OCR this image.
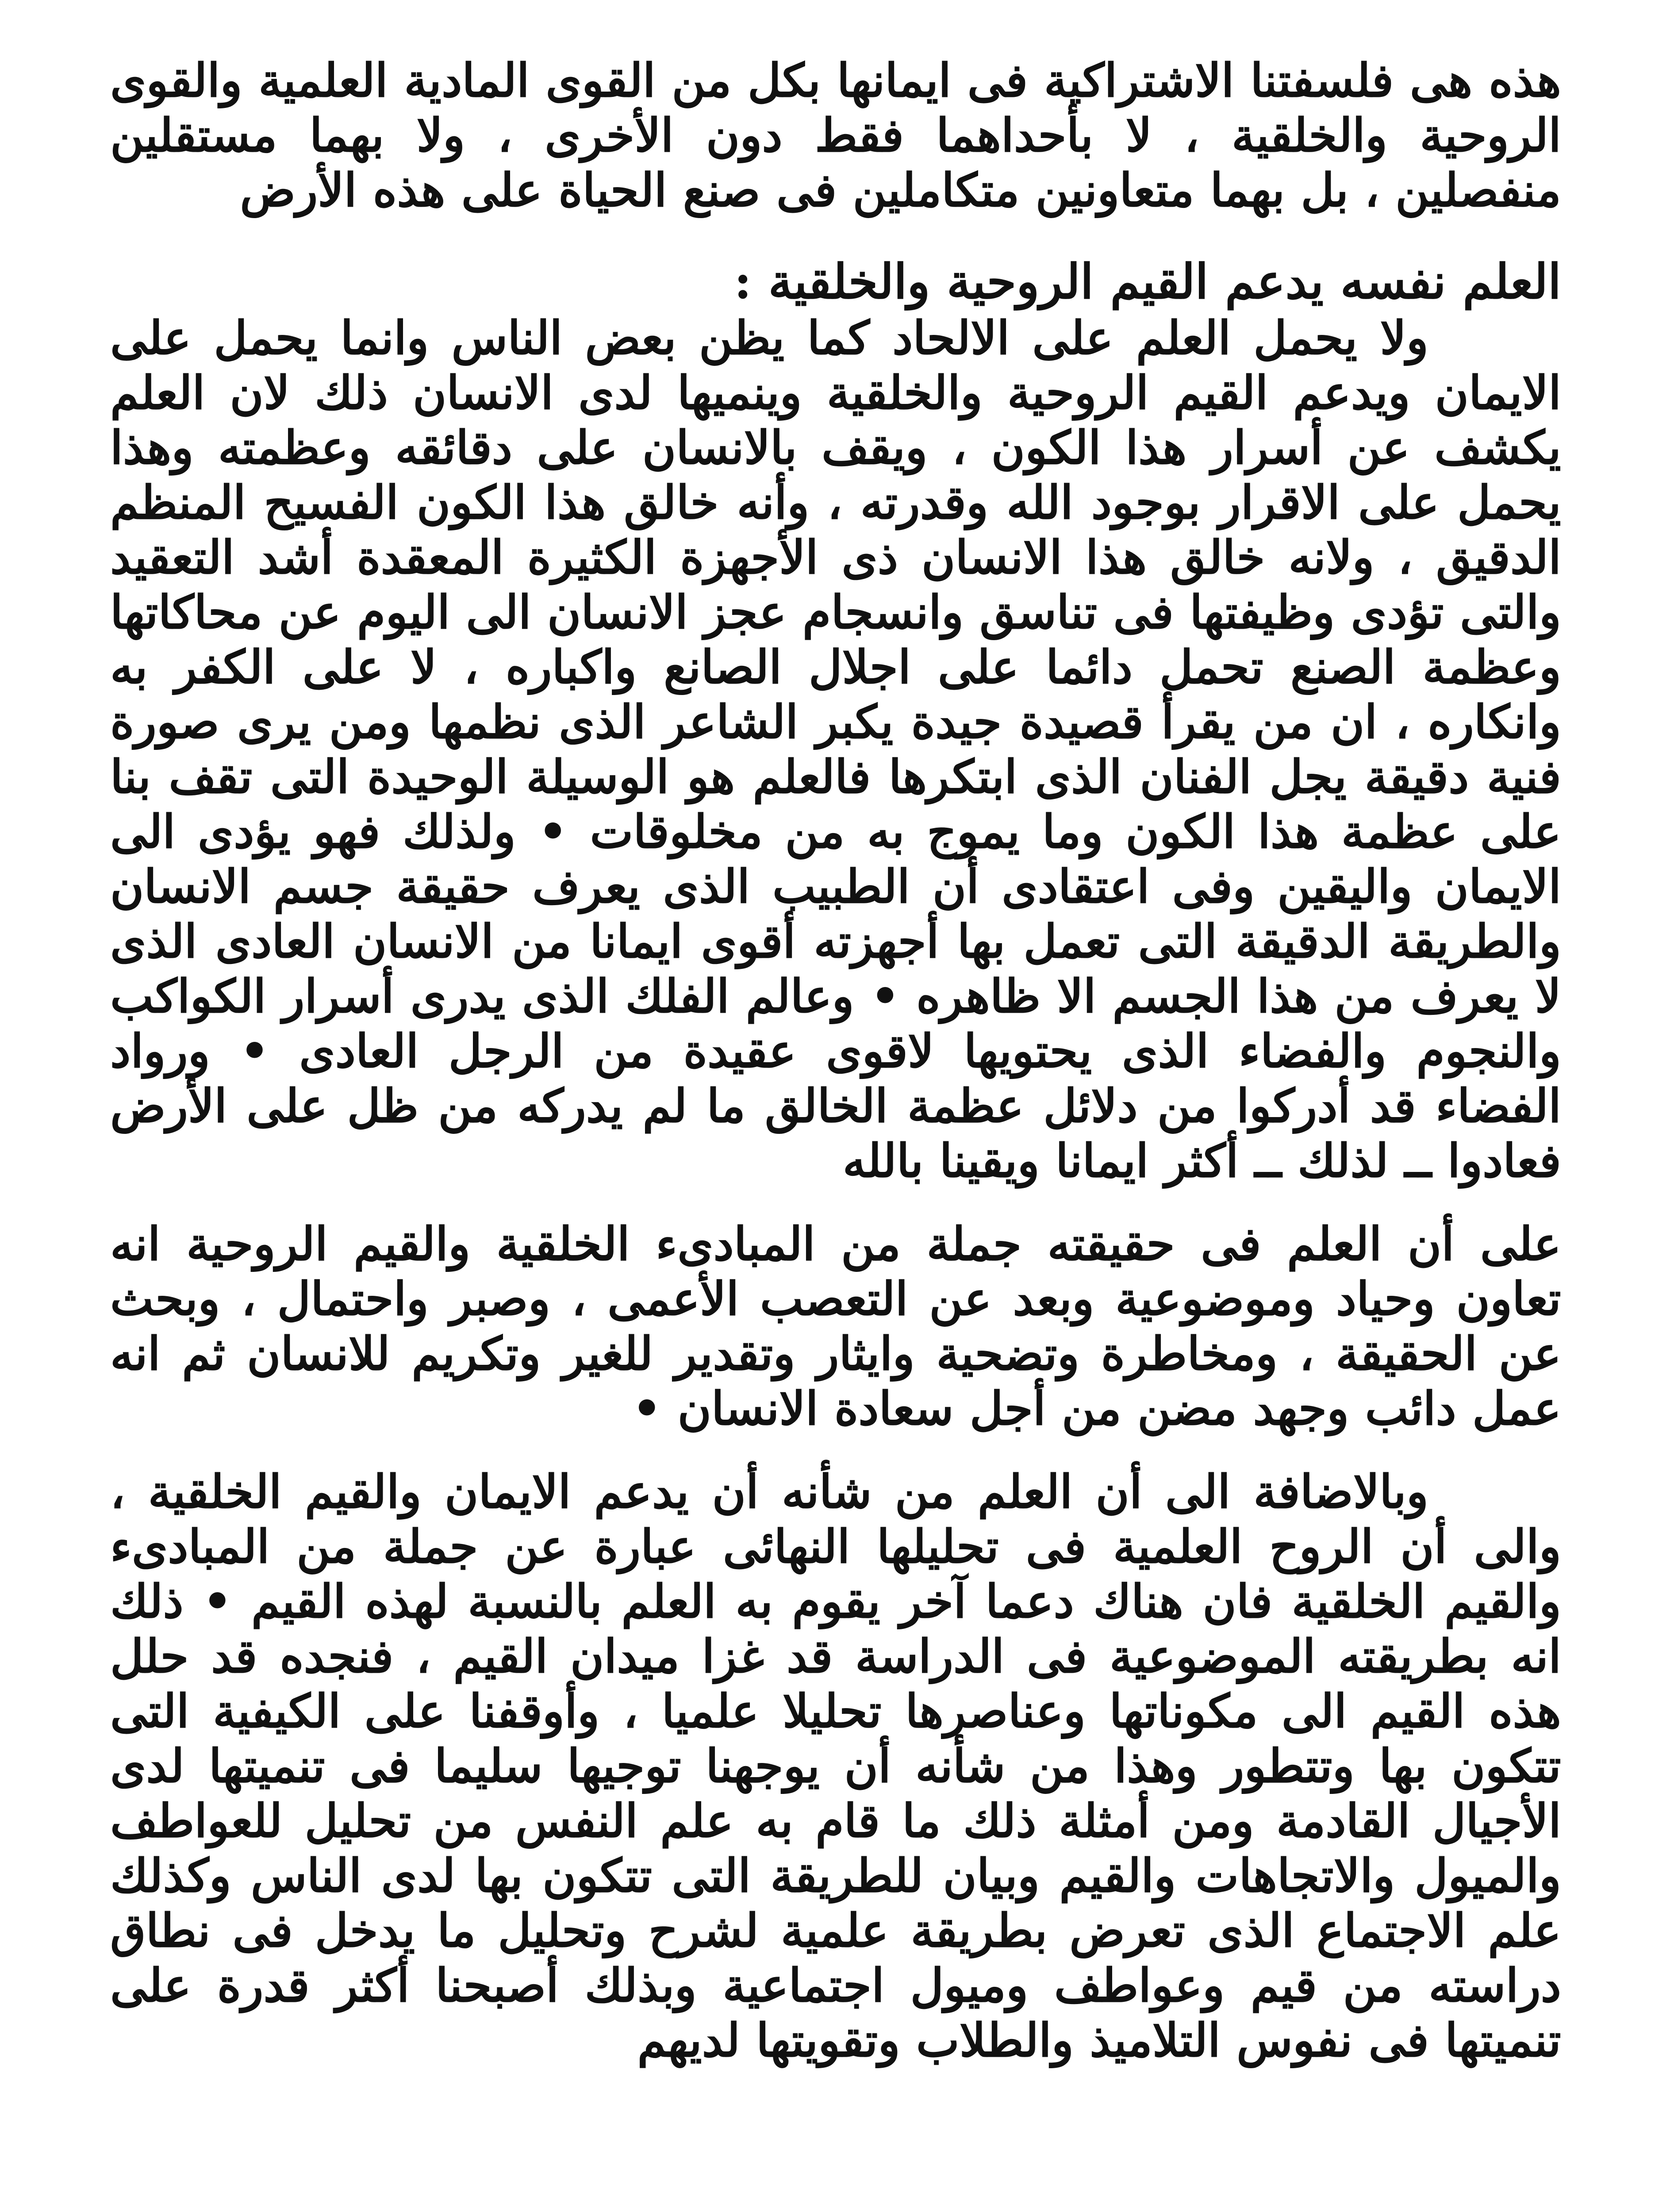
هذه هى فلسفتنا الاشتراكية فى ايمانها بكل من القوى المادية العلمية والقوى الروحية والخلقية ، لا بأحداهما فقط دون الأخرى ، ولا بهما مستقلين منفصلين ، بل بهما متعاونين متكاملين فى صنع الحياة على هذه الأرض

العلم نفسه يدعم القيم الروحية والخلقية :

ولا يحمل العلم على الالحاد كما يظن بعض الناس وانما يحمل على الايمان ويدعم القيم الروحية والخلقية وينميها لدى الانسان ذلك لان العلم يكشف عن أسرار هذا الكون ، ويقف بالانسان على دقائقه وعظمته وهذا يحمل على الاقرار بوجود الله وقدرته ، وأنه خالق هذا الكون الفسيح المنظم الدقيق ، ولانه خالق هذا الانسان ذى الأجهزة الكثيرة المعقدة أشد التعقيد والتى تؤدى وظيفتها فى تناسق وانسجام عجز الانسان الى اليوم عن محاكاتها وعظمة الصنع تحمل دائما على اجلال الصانع واكباره ، لا على الكفر به وانكاره ، ان من يقرأ قصيدة جيدة يكبر الشاعر الذى نظمها ومن يرى صورة فنية دقيقة يجل الفنان الذى ابتكرها فالعلم هو الوسيلة الوحيدة التى تقف بنا على عظمة هذا الكون وما يموج به من مخلوقات • ولذلك فهو يؤدى الى الايمان واليقين وفى اعتقادى أن الطبيب الذى يعرف حقيقة جسم الانسان والطريقة الدقيقة التى تعمل بها أجهزته أقوى ايمانا من الانسان العادى الذى لا يعرف من هذا الجسم الا ظاهره • وعالم الفلك الذى يدرى أسرار الكواكب والنجوم والفضاء الذى يحتويها لاقوى عقيدة من الرجل العادى • ورواد الفضاء قد أدركوا من دلائل عظمة الخالق ما لم يدركه من ظل على الأرض فعادوا ــ لذلك ــ أكثر ايمانا ويقينا بالله

على أن العلم فى حقيقته جملة من المبادىء الخلقية والقيم الروحية انه تعاون وحياد وموضوعية وبعد عن التعصب الأعمى ، وصبر واحتمال ، وبحث عن الحقيقة ، ومخاطرة وتضحية وايثار وتقدير للغير وتكريم للانسان ثم انه عمل دائب وجهد مضن من أجل سعادة الانسان •

وبالاضافة الى أن العلم من شأنه أن يدعم الايمان والقيم الخلقية ، والى أن الروح العلمية فى تحليلها النهائى عبارة عن جملة من المبادىء والقيم الخلقية فان هناك دعما آخر يقوم به العلم بالنسبة لهذه القيم • ذلك انه بطريقته الموضوعية فى الدراسة قد غزا ميدان القيم ، فنجده قد حلل هذه القيم الى مكوناتها وعناصرها تحليلا علميا ، وأوقفنا على الكيفية التى تتكون بها وتتطور وهذا من شأنه أن يوجهنا توجيها سليما فى تنميتها لدى الأجيال القادمة ومن أمثلة ذلك ما قام به علم النفس من تحليل للعواطف والميول والاتجاهات والقيم وبيان للطريقة التى تتكون بها لدى الناس وكذلك علم الاجتماع الذى تعرض بطريقة علمية لشرح وتحليل ما يدخل فى نطاق دراسته من قيم وعواطف وميول اجتماعية وبذلك أصبحنا أكثر قدرة على تنميتها فى نفوس التلاميذ والطلاب وتقويتها لديهم
